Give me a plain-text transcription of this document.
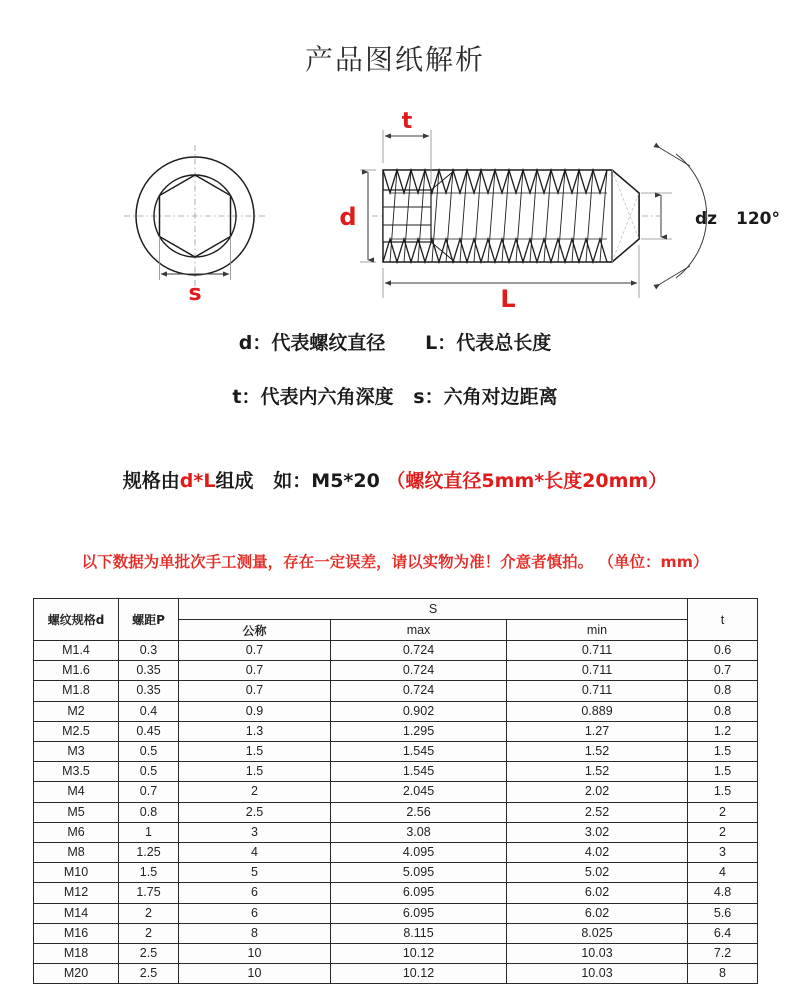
产品图纸解析
s
t
d
L
dz 120°
d：代表螺纹直径      L：代表总长度
t：代表内六角深度   s：六角对边距离
规格由d*L组成   如：M5*20 （螺纹直径5mm*长度20mm）
以下数据为单批次手工测量，存在一定误差，请以实物为准！介意者慎拍。 （单位：mm）
螺纹规格d	螺距P	S			t
		公称	max	min	
M1.4	0.3	0.7	0.724	0.711	0.6
M1.6	0.35	0.7	0.724	0.711	0.7
M1.8	0.35	0.7	0.724	0.711	0.8
M2	0.4	0.9	0.902	0.889	0.8
M2.5	0.45	1.3	1.295	1.27	1.2
M3	0.5	1.5	1.545	1.52	1.5
M3.5	0.5	1.5	1.545	1.52	1.5
M4	0.7	2	2.045	2.02	1.5
M5	0.8	2.5	2.56	2.52	2
M6	1	3	3.08	3.02	2
M8	1.25	4	4.095	4.02	3
M10	1.5	5	5.095	5.02	4
M12	1.75	6	6.095	6.02	4.8
M14	2	6	6.095	6.02	5.6
M16	2	8	8.115	8.025	6.4
M18	2.5	10	10.12	10.03	7.2
M20	2.5	10	10.12	10.03	8
